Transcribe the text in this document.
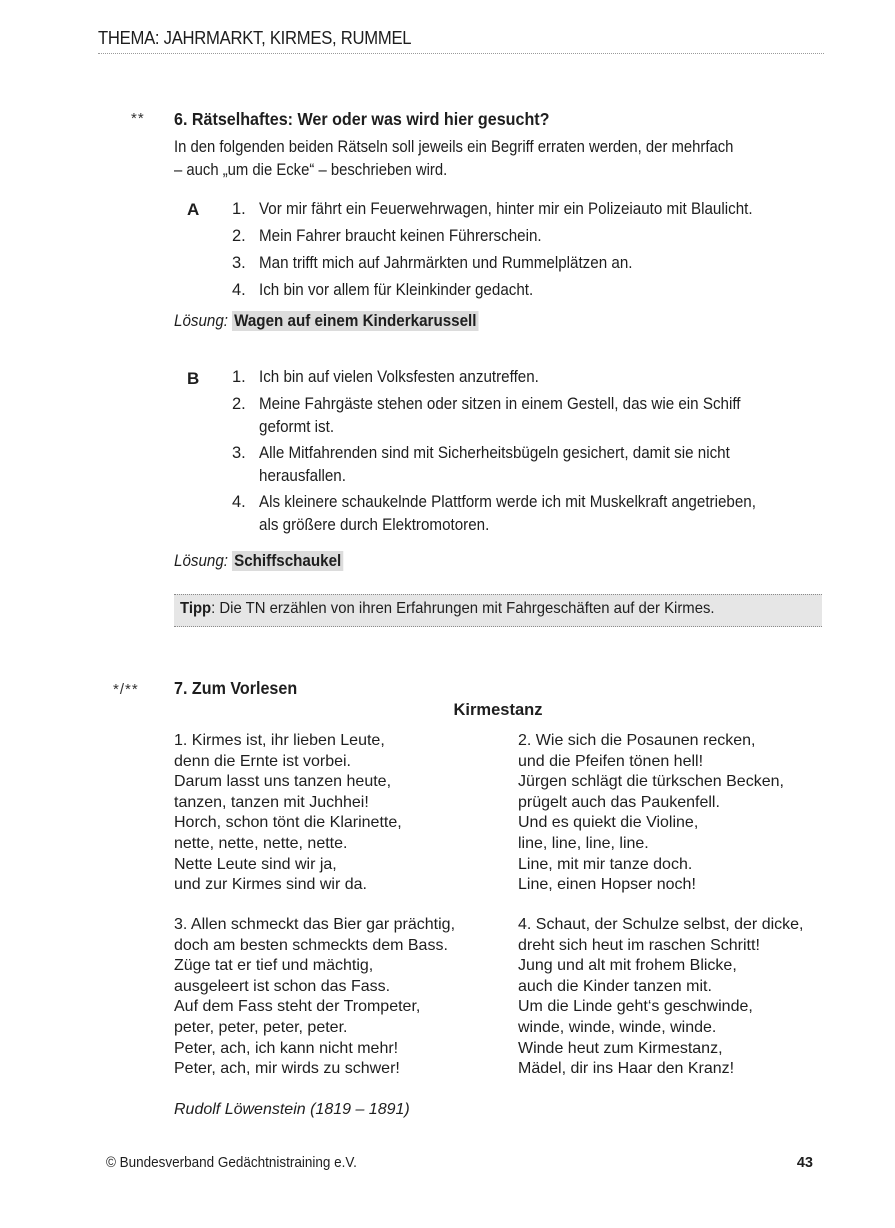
THEMA: JAHRMARKT, KIRMES, RUMMEL
** 6. Rätselhaftes: Wer oder was wird hier gesucht?
In den folgenden beiden Rätseln soll jeweils ein Begriff erraten werden, der mehrfach
– auch „um die Ecke“ – beschrieben wird.
A 1. Vor mir fährt ein Feuerwehrwagen, hinter mir ein Polizeiauto mit Blaulicht.
2. Mein Fahrer braucht keinen Führerschein.
3. Man trifft mich auf Jahrmärkten und Rummelplätzen an.
4. Ich bin vor allem für Kleinkinder gedacht.
Lösung: Wagen auf einem Kinderkarussell
B 1. Ich bin auf vielen Volksfesten anzutreffen.
2. Meine Fahrgäste stehen oder sitzen in einem Gestell, das wie ein Schiff
geformt ist.
3. Alle Mitfahrenden sind mit Sicherheitsbügeln gesichert, damit sie nicht
herausfallen.
4. Als kleinere schaukelnde Plattform werde ich mit Muskelkraft angetrieben,
als größere durch Elektromotoren.
Lösung: Schiffschaukel
Tipp: Die TN erzählen von ihren Erfahrungen mit Fahrgeschäften auf der Kirmes.
*/** 7. Zum Vorlesen
Kirmestanz
1. Kirmes ist, ihr lieben Leute,
denn die Ernte ist vorbei.
Darum lasst uns tanzen heute,
tanzen, tanzen mit Juchhei!
Horch, schon tönt die Klarinette,
nette, nette, nette, nette.
Nette Leute sind wir ja,
und zur Kirmes sind wir da.
2. Wie sich die Posaunen recken,
und die Pfeifen tönen hell!
Jürgen schlägt die türkschen Becken,
prügelt auch das Paukenfell.
Und es quiekt die Violine,
line, line, line, line.
Line, mit mir tanze doch.
Line, einen Hopser noch!
3. Allen schmeckt das Bier gar prächtig,
doch am besten schmeckts dem Bass.
Züge tat er tief und mächtig,
ausgeleert ist schon das Fass.
Auf dem Fass steht der Trompeter,
peter, peter, peter, peter.
Peter, ach, ich kann nicht mehr!
Peter, ach, mir wirds zu schwer!
4. Schaut, der Schulze selbst, der dicke,
dreht sich heut im raschen Schritt!
Jung und alt mit frohem Blicke,
auch die Kinder tanzen mit.
Um die Linde geht‘s geschwinde,
winde, winde, winde, winde.
Winde heut zum Kirmestanz,
Mädel, dir ins Haar den Kranz!
Rudolf Löwenstein (1819 – 1891)
© Bundesverband Gedächtnistraining e.V.	43
